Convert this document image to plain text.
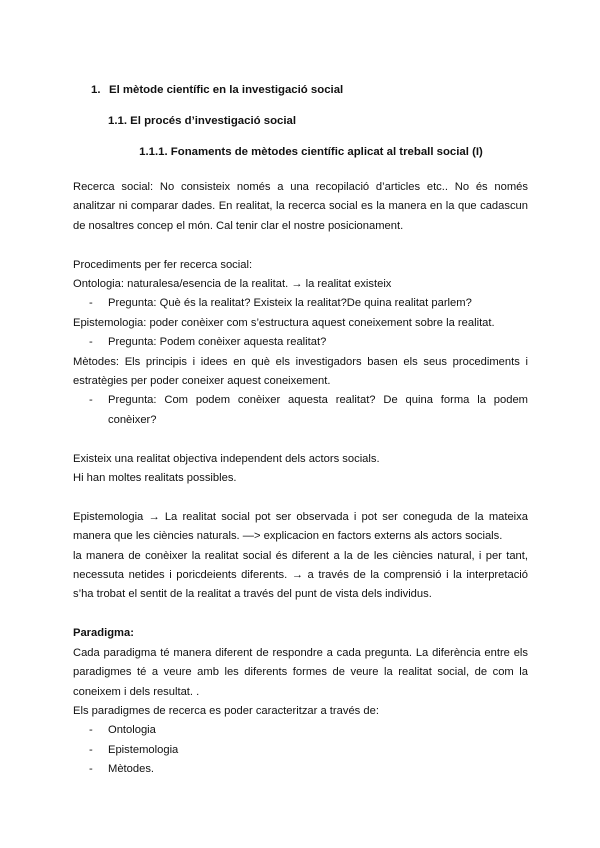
1. El mètode científic en la investigació social
1.1. El procés d’investigació social
1.1.1. Fonaments de mètodes científic aplicat al treball social (I)

Recerca social: No consisteix només a una recopilació d’articles etc.. No és només analitzar ni comparar dades. En realitat, la recerca social es la manera en la que cadascun de nosaltres concep el món. Cal tenir clar el nostre posicionament.

Procediments per fer recerca social:

Ontologia: naturalesa/esencia de la realitat. → la realitat existeix

- Pregunta: Què és la realitat? Existeix la realitat?De quina realitat parlem?

Epistemologia: poder conèixer com s’estructura aquest coneixement sobre la realitat.

- Pregunta: Podem conèixer aquesta realitat?

Mètodes: Els principis i idees en què els investigadors basen els seus procediments i estratègies per poder coneixer aquest coneixement.

- Pregunta: Com podem conèixer aquesta realitat? De quina forma la podem conèixer?

Existeix una realitat objectiva independent dels actors socials.

Hi han moltes realitats possibles.

Epistemologia → La realitat social pot ser observada i pot ser coneguda de la mateixa manera que les ciències naturals. —> explicacion en factors externs als actors socials.

la manera de conèixer la realitat social és diferent a la de les ciències natural, i per tant, necessuta netides i poricdeients diferents. → a través de la comprensió i la interpretació s’ha trobat el sentit de la realitat a través del punt de vista dels individus.

Paradigma:

Cada paradigma té manera diferent de respondre a cada pregunta. La diferència entre els paradigmes té a veure amb les diferents formes de veure la realitat social, de com la coneixem i dels resultat. .

Els paradigmes de recerca es poder caracteritzar a través de:

- Ontologia

- Epistemologia

- Mètodes.
